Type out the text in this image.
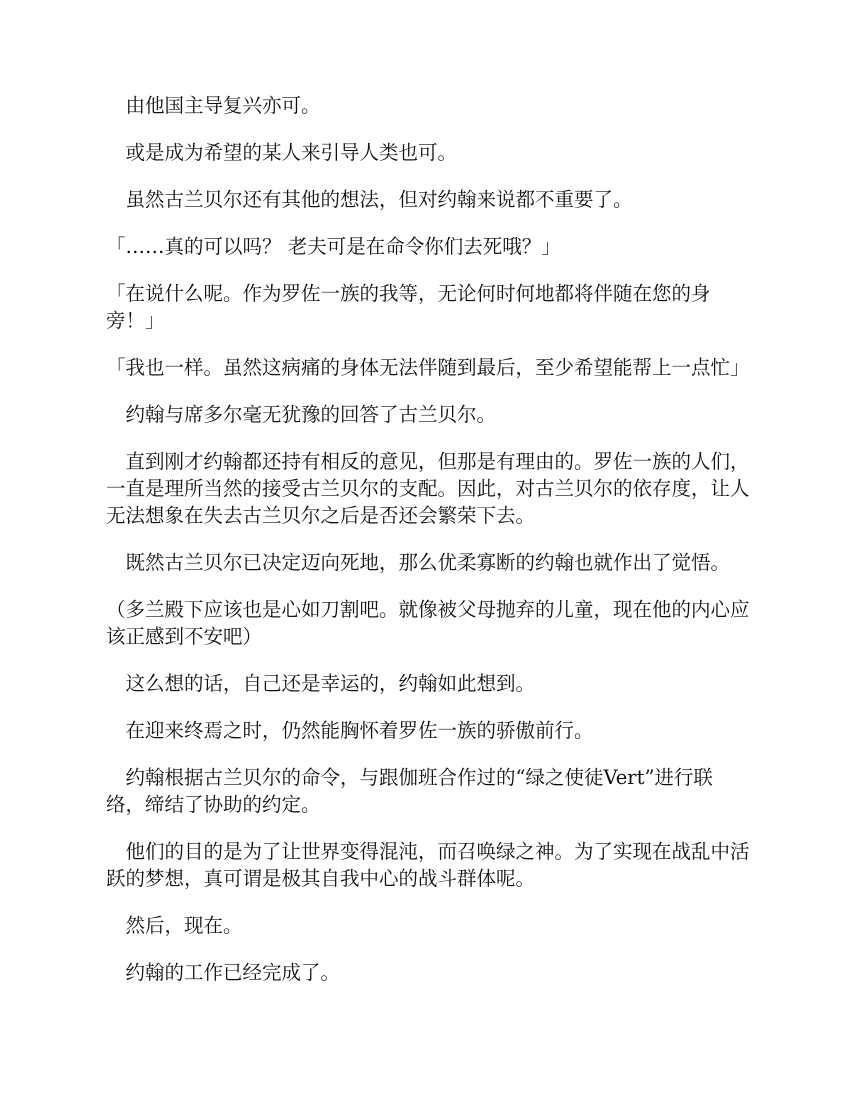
　由他国主导复兴亦可。

　或是成为希望的某人来引导人类也可。

　虽然古兰贝尔还有其他的想法，但对约翰来说都不重要了。

「……真的可以吗？ 老夫可是在命令你们去死哦？」

「在说什么呢。作为罗佐一族的我等，无论何时何地都将伴随在您的身旁！」

「我也一样。虽然这病痛的身体无法伴随到最后，至少希望能帮上一点忙」

　约翰与席多尔毫无犹豫的回答了古兰贝尔。

　直到刚才约翰都还持有相反的意见，但那是有理由的。罗佐一族的人们，一直是理所当然的接受古兰贝尔的支配。因此，对古兰贝尔的依存度，让人无法想象在失去古兰贝尔之后是否还会繁荣下去。

　既然古兰贝尔已决定迈向死地，那么优柔寡断的约翰也就作出了觉悟。

（多兰殿下应该也是心如刀割吧。就像被父母抛弃的儿童，现在他的内心应该正感到不安吧）

　这么想的话，自己还是幸运的，约翰如此想到。

　在迎来终焉之时，仍然能胸怀着罗佐一族的骄傲前行。

　约翰根据古兰贝尔的命令，与跟伽班合作过的“绿之使徒Vert”进行联络，缔结了协助的约定。

　他们的目的是为了让世界变得混沌，而召唤绿之神。为了实现在战乱中活跃的梦想，真可谓是极其自我中心的战斗群体呢。

　然后，现在。

　约翰的工作已经完成了。
